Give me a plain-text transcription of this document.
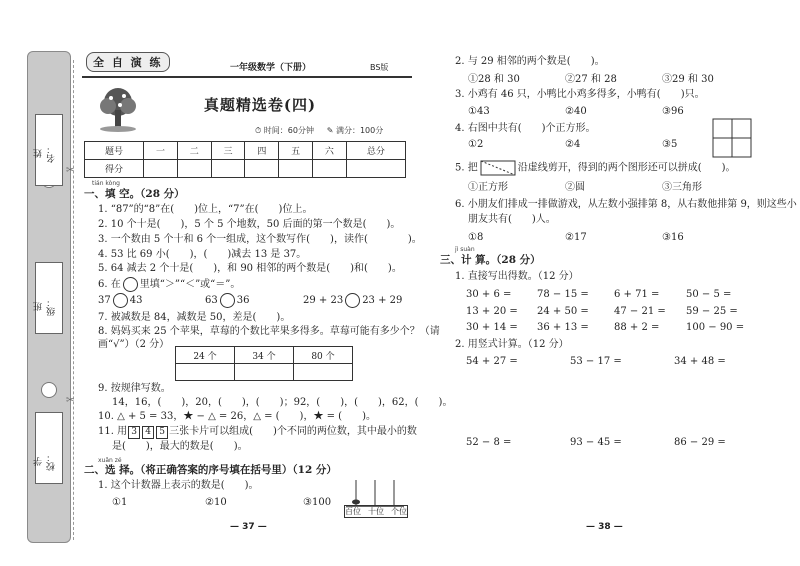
姓名：
班级：
学校：
✂
✂
全 自 演 练	一年级数学（下册）	BS版
真题精选卷(四)
⏱ 时间：60分钟 ✎ 满分：100分
题号	一	二	三	四	五	六	总分
得分							
tián kòng
一、填 空。（28 分）
1. “87”的“8”在(　　)位上，“7”在(　　)位上。
2. 10 个十是(　　)，5 个 5 个地数，50 后面的第一个数是(　　)。
3. 一个数由 5 个十和 6 个一组成，这个数写作(　　)，读作(　　　　)。
4. 53 比 69 小(　　)，(　　)减去 13 是 37。
5. 64 减去 2 个十是(　　)，和 90 相邻的两个数是(　　)和(　　)。
6. 在 里填“＞”“＜”或“＝”。
37 43	63 36	29 + 23 23 + 29
7. 被减数是 84，减数是 50，差是(　　)。
8. 妈妈买来 25 个苹果，草莓的个数比苹果多得多。草莓可能有多少个？（请
画“√”）（2 分）
24 个	34 个	80 个

9. 按规律写数。
14，16，(　　)，20，(　　)，(　　)；92，(　　)，(　　)，62，(　　)。
10. △ + 5 = 33，★ − △ = 26，△ = (　　)，★ = (　　)。
11. 用 3 4 5 三张卡片可以组成(　　)个不同的两位数，其中最小的数
是(　　)，最大的数是(　　)。
xuǎn zé
二、选 择。（将正确答案的序号填在括号里）（12 分）
1. 这个计数器上表示的数是(　　)。
①1	②10	③100
百位 十位 个位
— 37 —
2. 与 29 相邻的两个数是(　　)。
①28 和 30	②27 和 28	③29 和 30
3. 小鸡有 46 只，小鸭比小鸡多得多，小鸭有(　　)只。
①43	②40	③96
4. 右图中共有(　　)个正方形。
①2	②4	③5
5. 把	沿虚线剪开，得到的两个图形还可以拼成(　　)。
①正方形	②圆	③三角形
6. 小朋友们排成一排做游戏，从左数小强排第 8，从右数他排第 9，则这些小
朋友共有(　　)人。
①8	②17	③16
jì suàn
三、计 算。（28 分）
1. 直接写出得数。（12 分）
30 + 6 =	78 − 15 =	6 + 71 =	50 − 5 =
13 + 20 = 24 + 50 =	47 − 21 = 59 − 25 =
30 + 14 = 36 + 13 =	88 + 2 =	100 − 90 =
2. 用竖式计算。（12 分）
54 + 27 =	53 − 17 =	34 + 48 =
52 − 8 =	93 − 45 =	86 − 29 =
— 38 —
